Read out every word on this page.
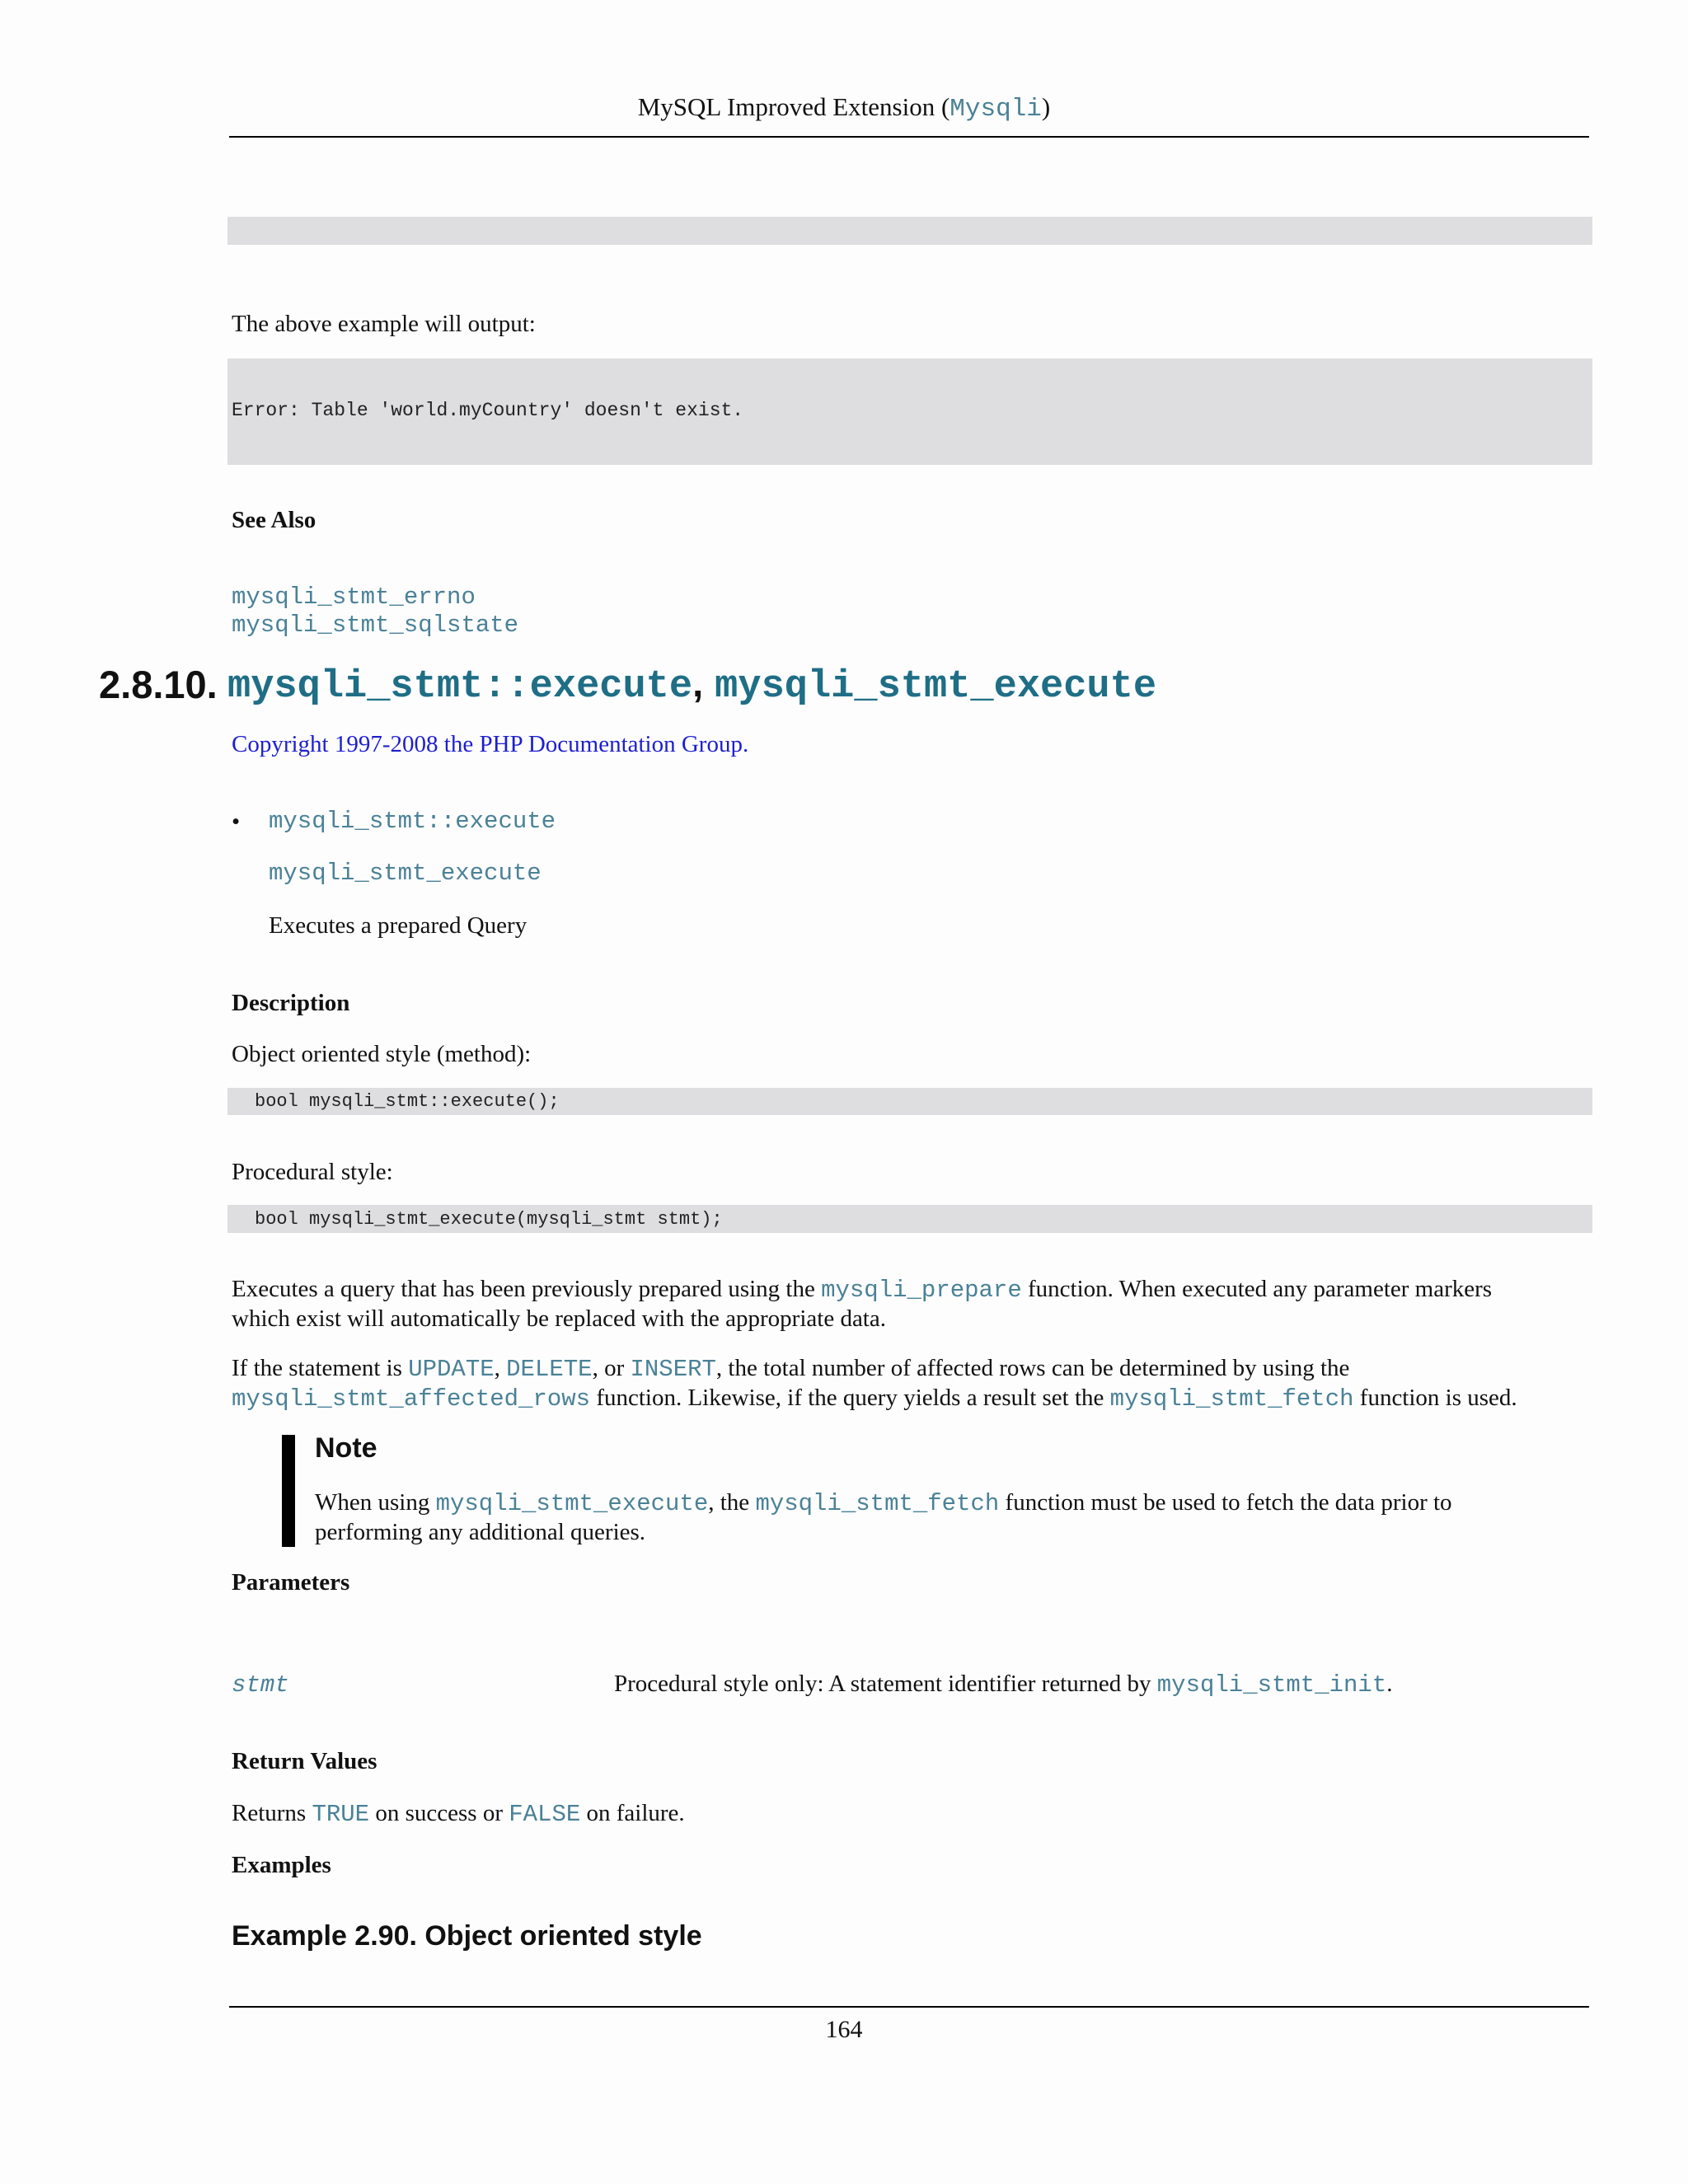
MySQL Improved Extension (Mysqli)
The above example will output:
Error: Table 'world.myCountry' doesn't exist.
See Also
mysqli_stmt_errno
mysqli_stmt_sqlstate
2.8.10. mysqli_stmt::execute, mysqli_stmt_execute
Copyright 1997-2008 the PHP Documentation Group.
• mysqli_stmt::execute
mysqli_stmt_execute
Executes a prepared Query
Description
Object oriented style (method):
bool mysqli_stmt::execute();
Procedural style:
bool mysqli_stmt_execute(mysqli_stmt stmt);
Executes a query that has been previously prepared using the mysqli_prepare function. When executed any parameter markers
which exist will automatically be replaced with the appropriate data.
If the statement is UPDATE, DELETE, or INSERT, the total number of affected rows can be determined by using the
mysqli_stmt_affected_rows function. Likewise, if the query yields a result set the mysqli_stmt_fetch function is used.
Note
When using mysqli_stmt_execute, the mysqli_stmt_fetch function must be used to fetch the data prior to
performing any additional queries.
Parameters
stmt	Procedural style only: A statement identifier returned by mysqli_stmt_init.
Return Values
Returns TRUE on success or FALSE on failure.
Examples
Example 2.90. Object oriented style
164
